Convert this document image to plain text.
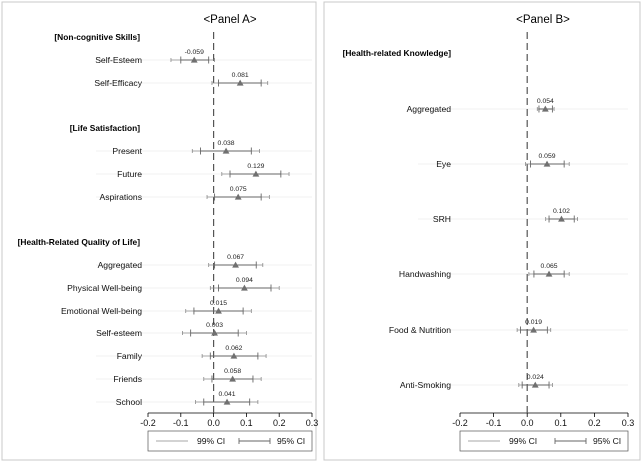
<Panel A>
-0.2 -0.1 0.0 0.1 0.2 0.3
[Non-cognitive Skills]
Self-Esteem
Self-Efficacy
[Life Satisfaction]
Present
Future
Aspirations
[Health-Related Quality of Life]
Aggregated
Physical Well-being
Emotional Well-being
Self-esteem
Family
Friends
School
-0.059
0.081
0.038
0.129
0.075
0.067
0.094
0.015
0.003
0.062
0.058
0.041
99% CI	95% CI
<Panel B>
-0.2 -0.1 0.0 0.1 0.2 0.3
[Health-related Knowledge]
Aggregated
Eye
SRH
Handwashing
Food & Nutrition
Anti-Smoking
0.054
0.059
0.102
0.065
0.019
0.024
99% CI	95% CI
